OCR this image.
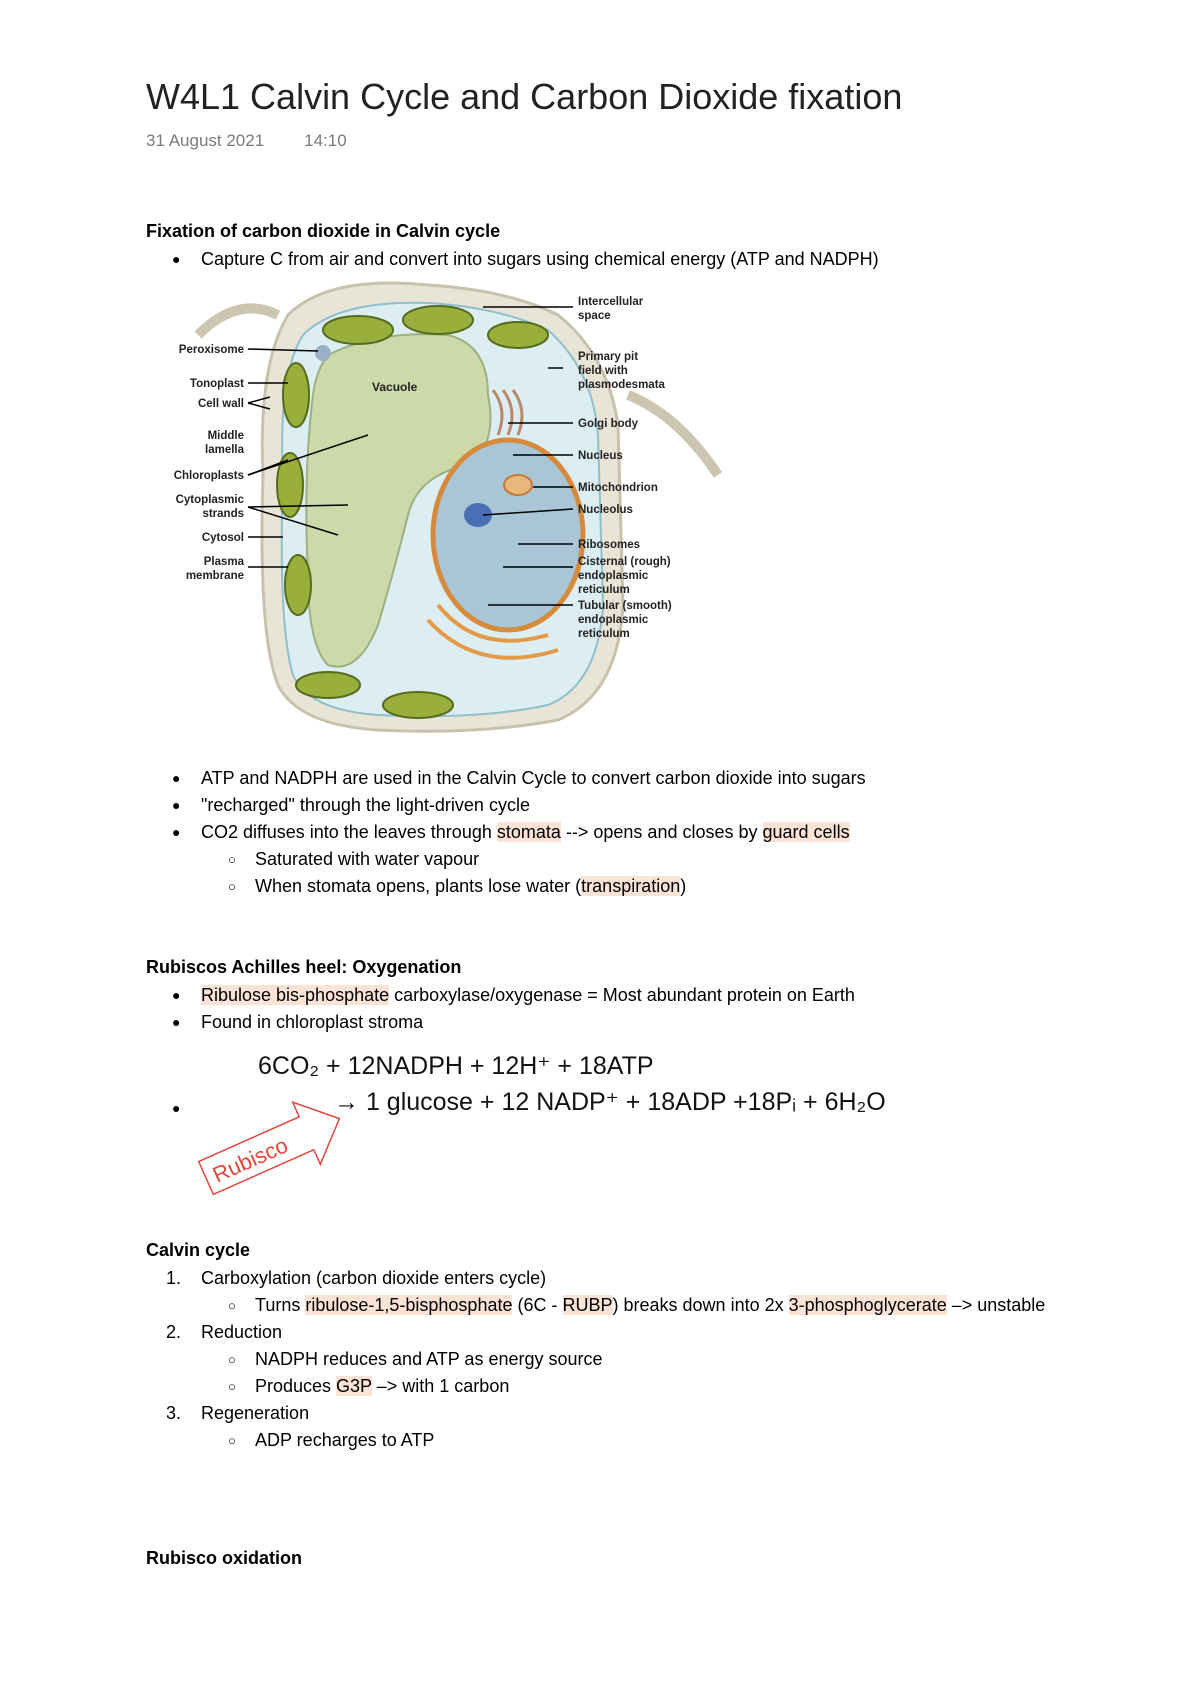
W4L1 Calvin Cycle and Carbon Dioxide fixation
31 August 2021 14:10
Fixation of carbon dioxide in Calvin cycle
● Capture C from air and convert into sugars using chemical energy (ATP and NADPH)
Peroxisome
Tonoplast
Cell wall
Middle
lamella
Chloroplasts
Cytoplasmic
strands
Cytosol
Plasma
membrane
Vacuole
Intercellular
space
Primary pit
field with
plasmodesmata
Golgi body
Nucleus
Mitochondrion
Nucleolus
Ribosomes
Cisternal (rough)
endoplasmic
reticulum
Tubular (smooth)
endoplasmic
reticulum
● ATP and NADPH are used in the Calvin Cycle to convert carbon dioxide into sugars
● "recharged" through the light-driven cycle
● CO2 diffuses into the leaves through stomata --> opens and closes by guard cells
○ Saturated with water vapour
○ When stomata opens, plants lose water (transpiration)
Rubiscos Achilles heel: Oxygenation
● Ribulose bis-phosphate carboxylase/oxygenase = Most abundant protein on Earth
● Found in chloroplast stroma
●
6CO₂ + 12NADPH + 12H⁺ + 18ATP
→ 1 glucose + 12 NADP⁺ + 18ADP +18Pᵢ + 6H₂O
Rubisco
Calvin cycle
1. Carboxylation (carbon dioxide enters cycle)
○ Turns ribulose-1,5-bisphosphate (6C - RUBP) breaks down into 2x 3-phosphoglycerate –> unstable
2. Reduction
○ NADPH reduces and ATP as energy source
○ Produces G3P –> with 1 carbon
3. Regeneration
○ ADP recharges to ATP
Rubisco oxidation
